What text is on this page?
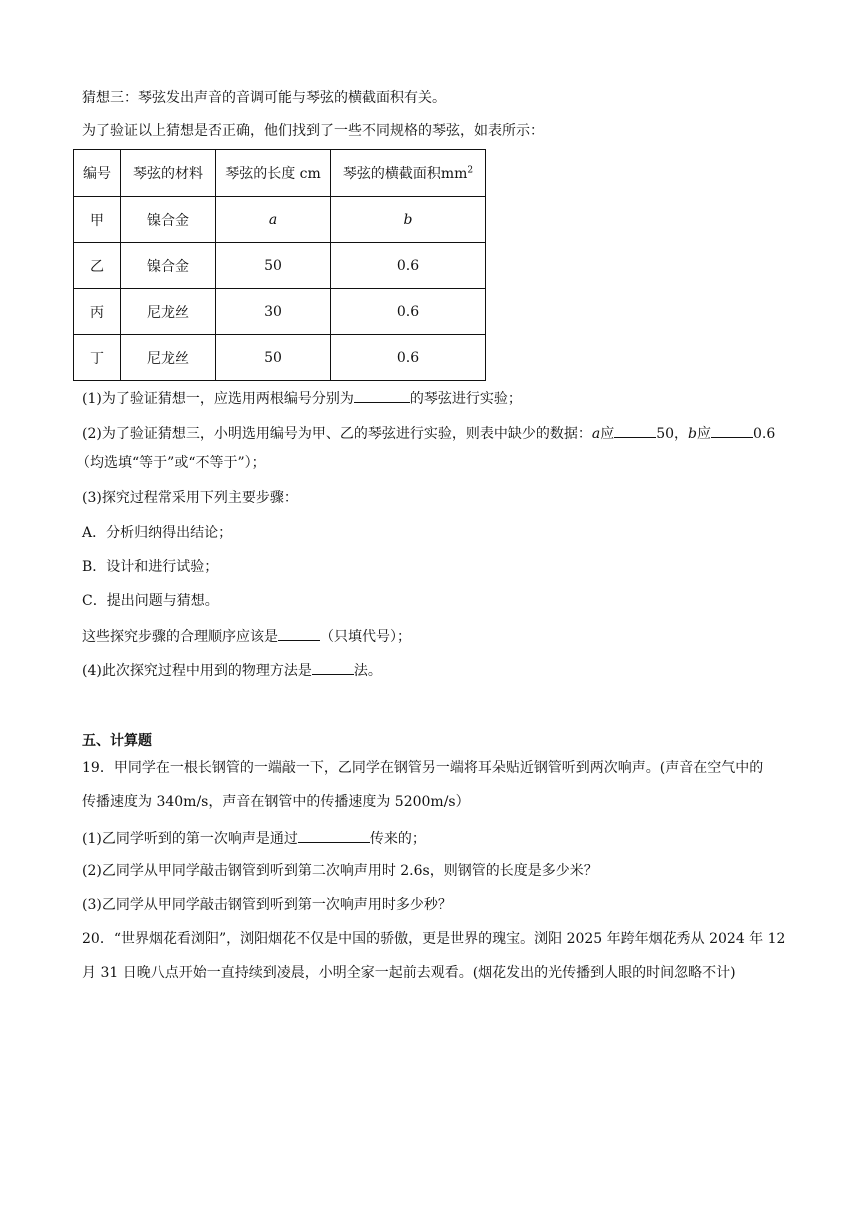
猜想三：琴弦发出声音的音调可能与琴弦的横截面积有关。
为了验证以上猜想是否正确，他们找到了一些不同规格的琴弦，如表所示：
编号	琴弦的材料	琴弦的长度 cm	琴弦的横截面积$mm^2$
甲	镍合金	a	b
乙	镍合金	50	0.6
丙	尼龙丝	30	0.6
丁	尼龙丝	50	0.6
(1)为了验证猜想一，应选用两根编号分别为	的琴弦进行实验；
(2)为了验证猜想三，小明选用编号为甲、乙的琴弦进行实验，则表中缺少的数据：a应	50，b应	0.6
（均选填“等于”或“不等于”）；
(3)探究过程常采用下列主要步骤：
A．分析归纳得出结论；
B．设计和进行试验；
C．提出问题与猜想。
这些探究步骤的合理顺序应该是	（只填代号）；
(4)此次探究过程中用到的物理方法是	法。
五、计算题
19．甲同学在一根长钢管的一端敲一下，乙同学在钢管另一端将耳朵贴近钢管听到两次响声。(声音在空气中的
传播速度为 340m/s，声音在钢管中的传播速度为 5200m/s）
(1)乙同学听到的第一次响声是通过	传来的；
(2)乙同学从甲同学敲击钢管到听到第二次响声用时 2.6s，则钢管的长度是多少米？
(3)乙同学从甲同学敲击钢管到听到第一次响声用时多少秒？
20．“世界烟花看浏阳”，浏阳烟花不仅是中国的骄傲，更是世界的瑰宝。浏阳 2025 年跨年烟花秀从 2024 年 12
月 31 日晚八点开始一直持续到凌晨，小明全家一起前去观看。(烟花发出的光传播到人眼的时间忽略不计)
